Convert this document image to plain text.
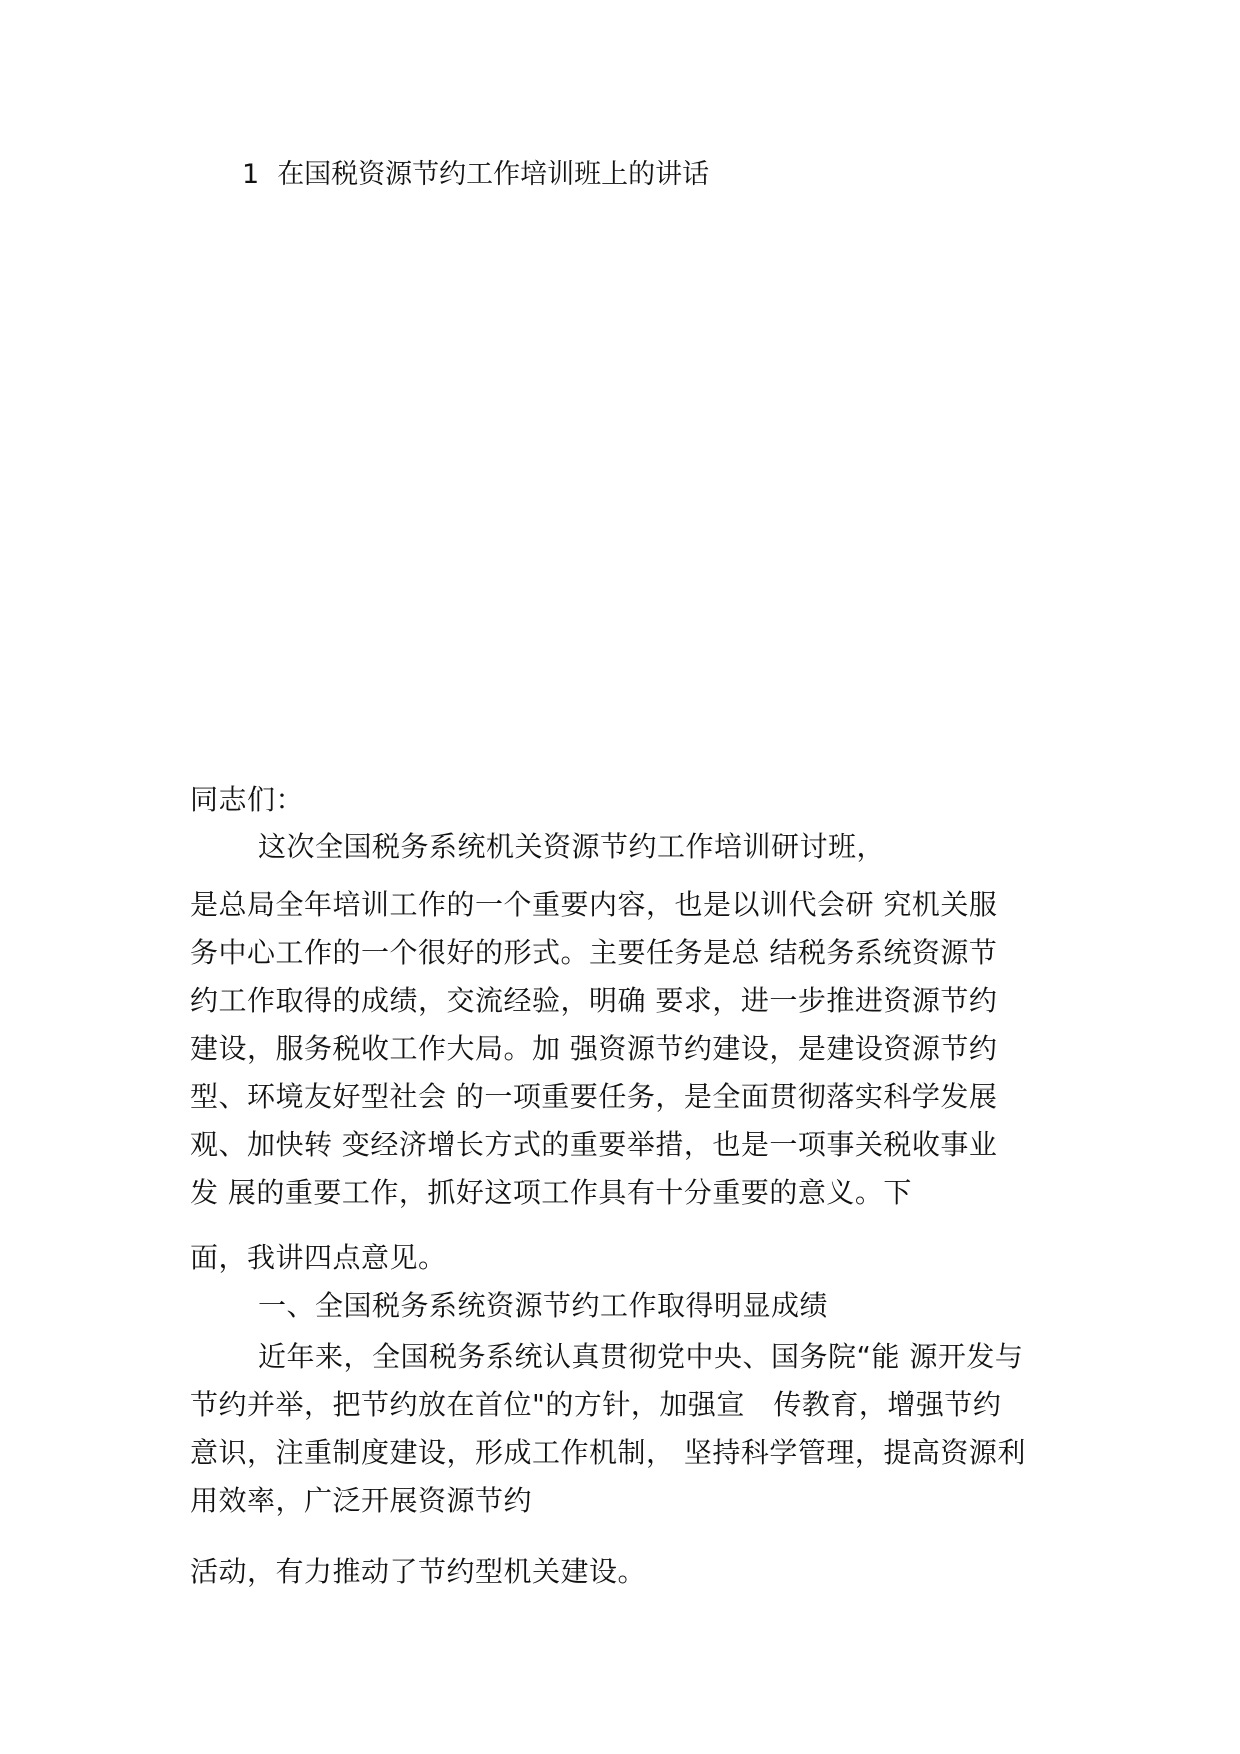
1 在国税资源节约工作培训班上的讲话
同志们：
这次全国税务系统机关资源节约工作培训研讨班，
是总局全年培训工作的一个重要内容，也是以训代会研 究机关服
务中心工作的一个很好的形式。主要任务是总 结税务系统资源节
约工作取得的成绩，交流经验，明确 要求，进一步推进资源节约
建设，服务税收工作大局。加 强资源节约建设，是建设资源节约
型、环境友好型社会 的一项重要任务，是全面贯彻落实科学发展
观、加快转 变经济增长方式的重要举措，也是一项事关税收事业
发 展的重要工作，抓好这项工作具有十分重要的意义。下
面，我讲四点意见。
一、全国税务系统资源节约工作取得明显成绩
近年来，全国税务系统认真贯彻党中央、国务院“能 源开发与
节约并举，把节约放在首位"的方针，加强宣　传教育，增强节约
意识，注重制度建设，形成工作机制， 坚持科学管理，提高资源利
用效率，广泛开展资源节约
活动，有力推动了节约型机关建设。
